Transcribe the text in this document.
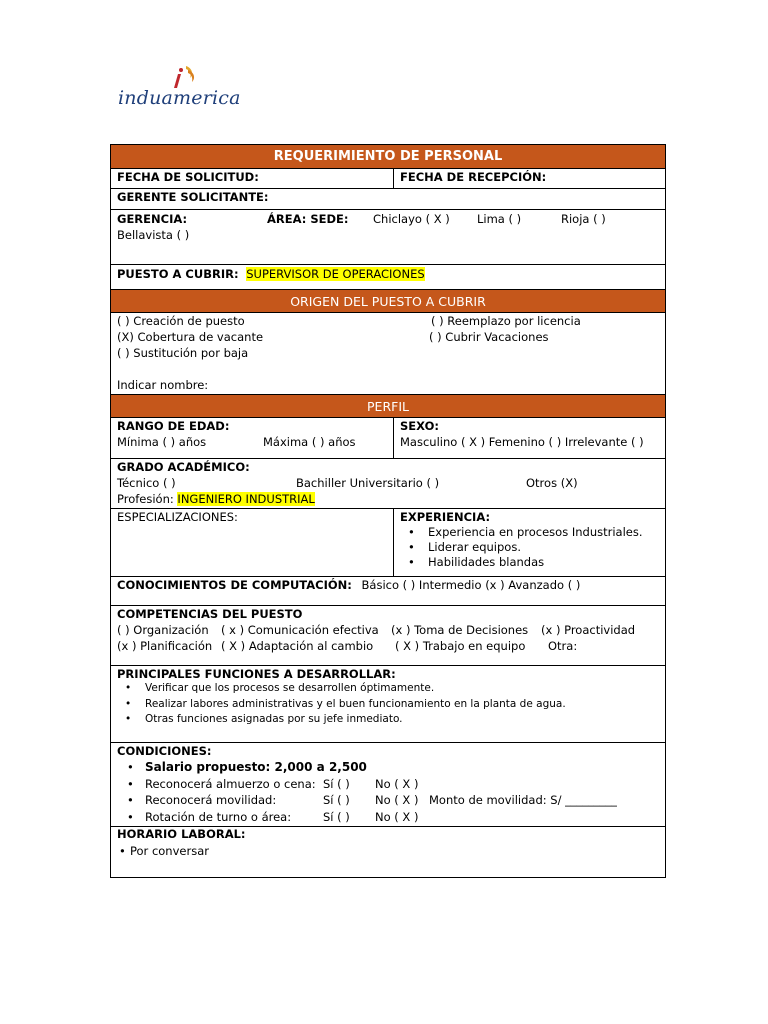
induamerica
REQUERIMIENTO DE PERSONAL
FECHA DE SOLICITUD:	FECHA DE RECEPCIÓN:
GERENTE SOLICITANTE:
GERENCIA:	ÁREA: SEDE: Chiclayo ( X ) Lima ( )	Rioja ( )
Bellavista ( )
PUESTO A CUBRIR: SUPERVISOR DE OPERACIONES
ORIGEN DEL PUESTO A CUBRIR
( ) Creación de puesto
(X) Cobertura de vacante
( ) Sustitución por baja
( ) Reemplazo por licencia
( ) Cubrir Vacaciones
Indicar nombre:
PERFIL
RANGO DE EDAD:
Mínima ( ) años	Máxima ( ) años
SEXO:
Masculino ( X ) Femenino ( ) Irrelevante ( )
GRADO ACADÉMICO:
Técnico ( )	Bachiller Universitario ( )	Otros (X)
Profesión: INGENIERO INDUSTRIAL
ESPECIALIZACIONES:	EXPERIENCIA:
• Experiencia en procesos Industriales.
• Liderar equipos.
• Habilidades blandas
CONOCIMIENTOS DE COMPUTACIÓN: Básico ( ) Intermedio (x ) Avanzado ( )
COMPETENCIAS DEL PUESTO
( ) Organización ( x ) Comunicación efectiva (x ) Toma de Decisiones (x ) Proactividad
(x ) Planificación ( X ) Adaptación al cambio ( X ) Trabajo en equipo Otra:
PRINCIPALES FUNCIONES A DESARROLLAR:
• Verificar que los procesos se desarrollen óptimamente.
• Realizar labores administrativas y el buen funcionamiento en la planta de agua.
• Otras funciones asignadas por su jefe inmediato.
CONDICIONES:
• Salario propuesto: 2,000 a 2,500
• Reconocerá almuerzo o cena: Sí ( ) No ( X )
• Reconocerá movilidad:	Sí ( ) No ( X ) Monto de movilidad: S/ _________
• Rotación de turno o área:	Sí ( ) No ( X )
HORARIO LABORAL:
• Por conversar
